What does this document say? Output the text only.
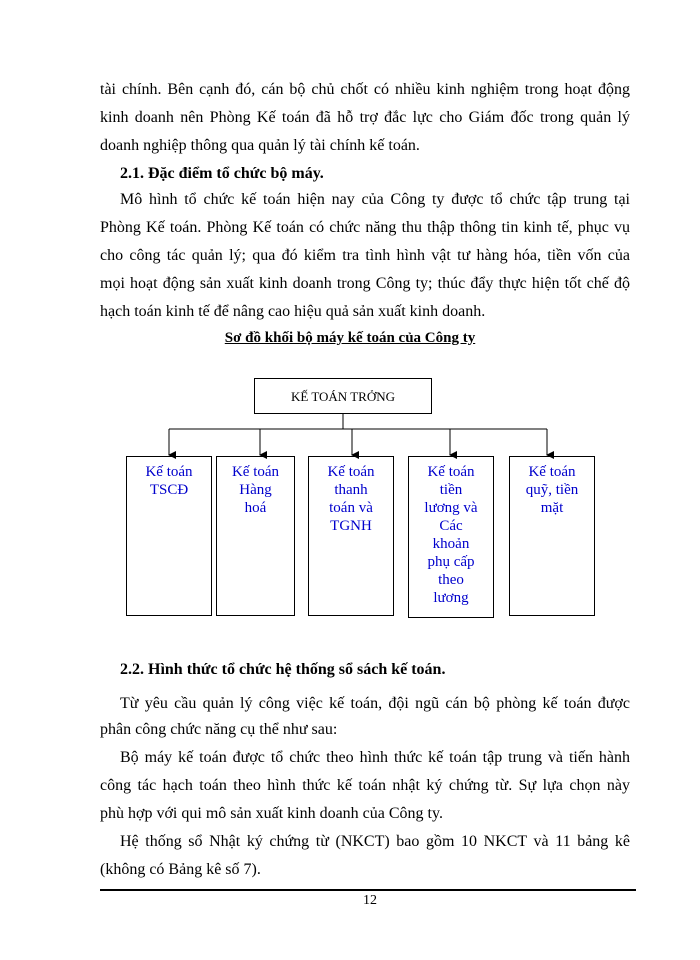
tài chính. Bên cạnh đó, cán bộ chủ chốt có nhiều kinh nghiệm trong hoạt động
kinh doanh nên Phòng Kế toán đã hỗ trợ đắc lực cho Giám đốc trong quản lý
doanh nghiệp thông qua quản lý tài chính kế toán.
2.1. Đặc điểm tổ chức bộ máy.
Mô hình tổ chức kế toán hiện nay của Công ty được tổ chức tập trung tại
Phòng Kế toán. Phòng Kế toán có chức năng thu thập thông tin kinh tế, phục vụ
cho công tác quản lý; qua đó kiểm tra tình hình vật tư hàng hóa, tiền vốn của
mọi hoạt động sản xuất kinh doanh trong Công ty; thúc đẩy thực hiện tốt chế độ
hạch toán kinh tế để nâng cao hiệu quả sản xuất kinh doanh.
Sơ đồ khối bộ máy kế toán của Công ty
KẾ TOÁN TRỞNG
Kế toán
TSCĐ
Kế toán
Hàng
hoá
Kế toán
thanh
toán và
TGNH
Kế toán
tiền
lương và
Các
khoản
phụ cấp
theo
lương
Kế toán
quỹ, tiền
mặt
2.2. Hình thức tổ chức hệ thống sổ sách kế toán.
Từ yêu cầu quản lý công việc kế toán, đội ngũ cán bộ phòng kế toán được
phân công chức năng cụ thể như sau:
Bộ máy kế toán được tổ chức theo hình thức kế toán tập trung và tiến hành
công tác hạch toán theo hình thức kế toán nhật ký chứng từ. Sự lựa chọn này
phù hợp với qui mô sản xuất kinh doanh của Công ty.
Hệ thống sổ Nhật ký chứng từ (NKCT) bao gồm 10 NKCT và 11 bảng kê
(không có Bảng kê số 7).
12
